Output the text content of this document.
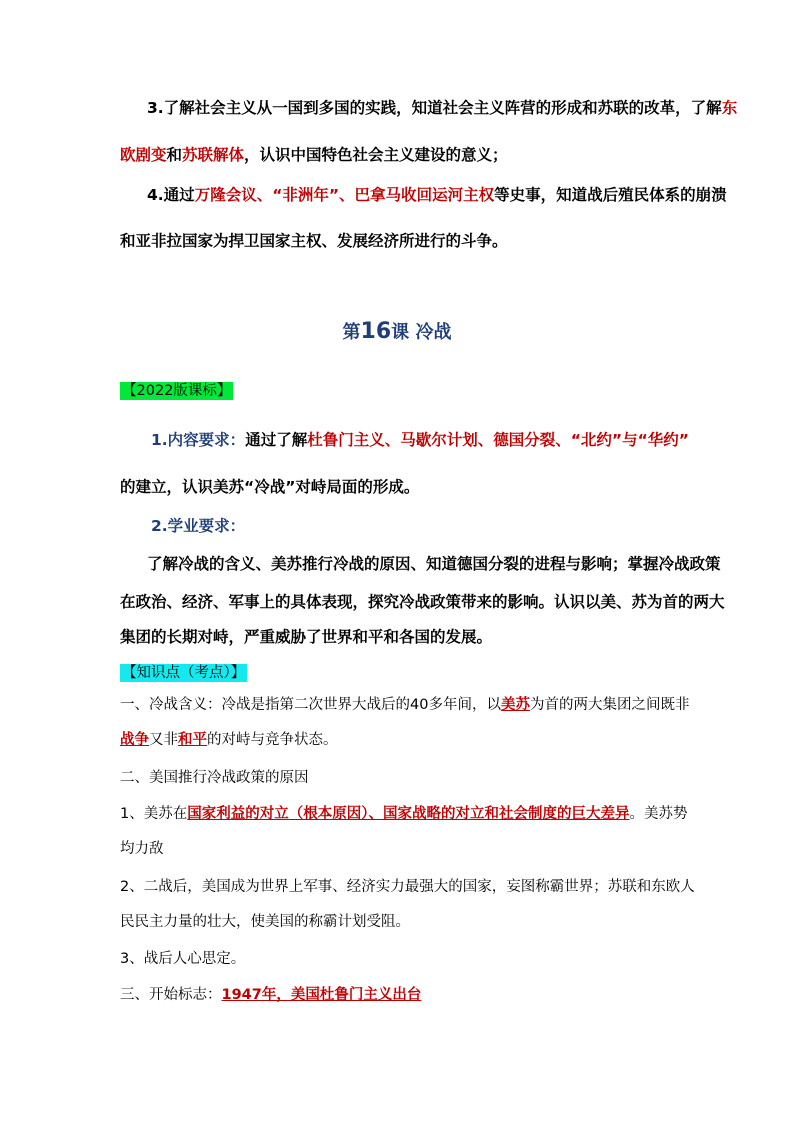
3.了解社会主义从一国到多国的实践，知道社会主义阵营的形成和苏联的改革，了解东
欧剧变和苏联解体，认识中国特色社会主义建设的意义；
4.通过万隆会议、“非洲年”、巴拿马收回运河主权等史事，知道战后殖民体系的崩溃
和亚非拉国家为捍卫国家主权、发展经济所进行的斗争。
第16课 冷战
【2022版课标】
1.内容要求：通过了解杜鲁门主义、马歇尔计划、德国分裂、“北约”与“华约”
的建立，认识美苏“冷战”对峙局面的形成。
2.学业要求：
了解冷战的含义、美苏推行冷战的原因、知道德国分裂的进程与影响；掌握冷战政策
在政治、经济、军事上的具体表现，探究冷战政策带来的影响。认识以美、苏为首的两大
集团的长期对峙，严重威胁了世界和平和各国的发展。
【知识点（考点）】
一、冷战含义：冷战是指第二次世界大战后的40多年间，以美苏为首的两大集团之间既非
战争又非和平的对峙与竞争状态。
二、美国推行冷战政策的原因
1、美苏在国家利益的对立（根本原因）、国家战略的对立和社会制度的巨大差异。美苏势
均力敌
2、二战后，美国成为世界上军事、经济实力最强大的国家，妄图称霸世界；苏联和东欧人
民民主力量的壮大，使美国的称霸计划受阻。
3、战后人心思定。
三、开始标志：1947年，美国杜鲁门主义出台
